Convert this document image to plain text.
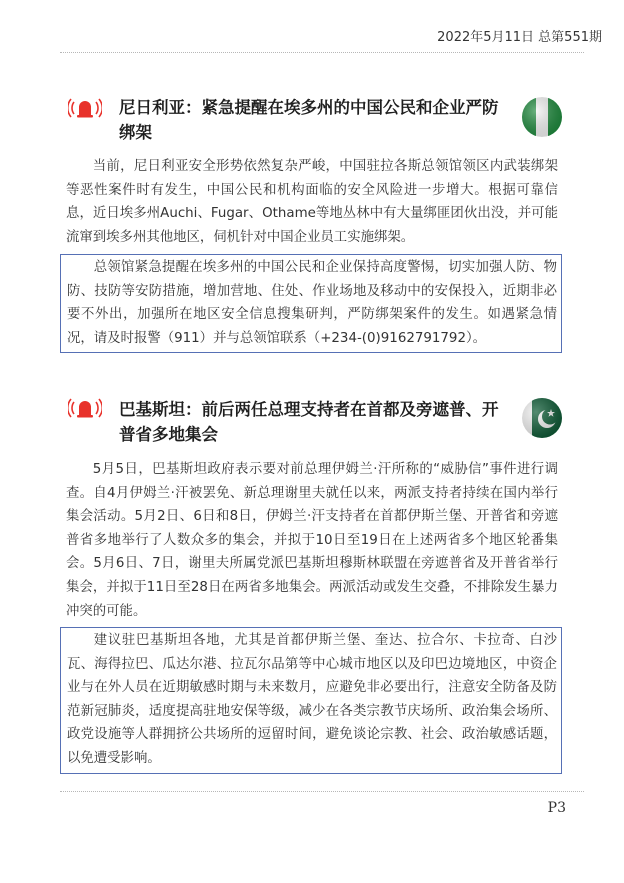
2022年5月11日 总第551期
尼日利亚：紧急提醒在埃多州的中国公民和企业严防绑架

当前，尼日利亚安全形势依然复杂严峻，中国驻拉各斯总领馆领区内武装绑架等恶性案件时有发生，中国公民和机构面临的安全风险进一步增大。根据可靠信息，近日埃多州Auchi、Fugar、Othame等地丛林中有大量绑匪团伙出没，并可能流窜到埃多州其他地区，伺机针对中国企业员工实施绑架。

总领馆紧急提醒在埃多州的中国公民和企业保持高度警惕，切实加强人防、物防、技防等安防措施，增加营地、住处、作业场地及移动中的安保投入，近期非必要不外出，加强所在地区安全信息搜集研判，严防绑架案件的发生。如遇紧急情况，请及时报警（911）并与总领馆联系（+234-(0)9162791792）。

巴基斯坦：前后两任总理支持者在首都及旁遮普、开普省多地集会

5月5日，巴基斯坦政府表示要对前总理伊姆兰·汗所称的“威胁信”事件进行调查。自4月伊姆兰·汗被罢免、新总理谢里夫就任以来，两派支持者持续在国内举行集会活动。5月2日、6日和8日，伊姆兰·汗支持者在首都伊斯兰堡、开普省和旁遮普省多地举行了人数众多的集会，并拟于10日至19日在上述两省多个地区轮番集会。5月6日、7日，谢里夫所属党派巴基斯坦穆斯林联盟在旁遮普省及开普省举行集会，并拟于11日至28日在两省多地集会。两派活动或发生交叠，不排除发生暴力冲突的可能。

建议驻巴基斯坦各地，尤其是首都伊斯兰堡、奎达、拉合尔、卡拉奇、白沙瓦、海得拉巴、瓜达尔港、拉瓦尔品第等中心城市地区以及印巴边境地区，中资企业与在外人员在近期敏感时期与未来数月，应避免非必要出行，注意安全防备及防范新冠肺炎，适度提高驻地安保等级，减少在各类宗教节庆场所、政治集会场所、政党设施等人群拥挤公共场所的逗留时间，避免谈论宗教、社会、政治敏感话题，以免遭受影响。

P3
